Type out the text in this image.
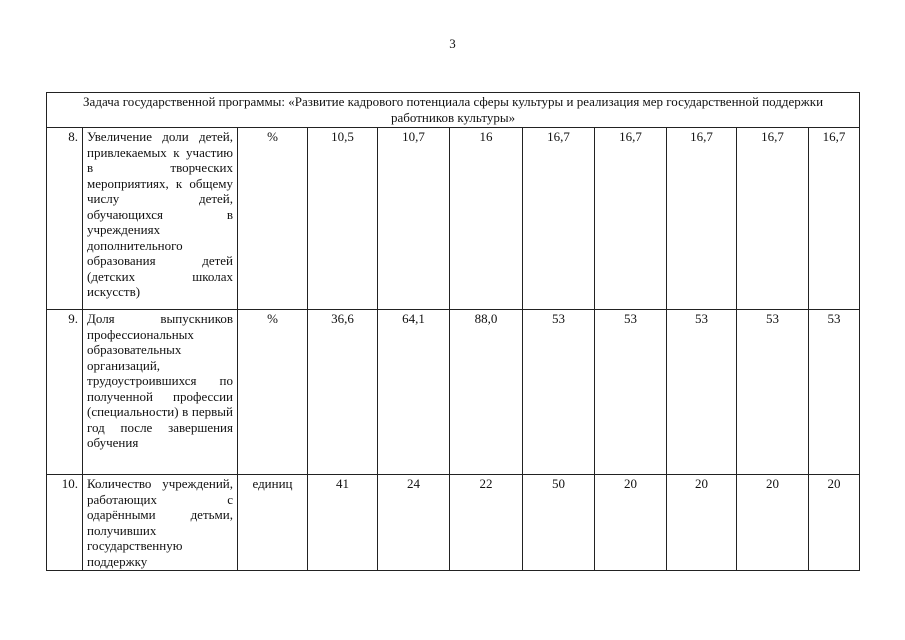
3
Задача государственной программы: «Развитие кадрового потенциала сферы культуры и реализация мер государственной поддержки работников культуры»										
8.	Увеличение доли детей, привлекаемых к участию в творческих мероприятиях, к общему числу детей, обучающихся в учреждениях дополнительного образования детей (детских школах искусств)	%	10,5	10,7	16	16,7	16,7	16,7	16,7	16,7
9.	Доля выпускников профессиональных образовательных организаций, трудоустроившихся по полученной профессии (специальности) в первый год после завершения обучения	%	36,6	64,1	88,0	53	53	53	53	53
10.	Количество учреждений, работающих с одарёнными детьми, получивших государственную поддержку	единиц	41	24	22	50	20	20	20	20
